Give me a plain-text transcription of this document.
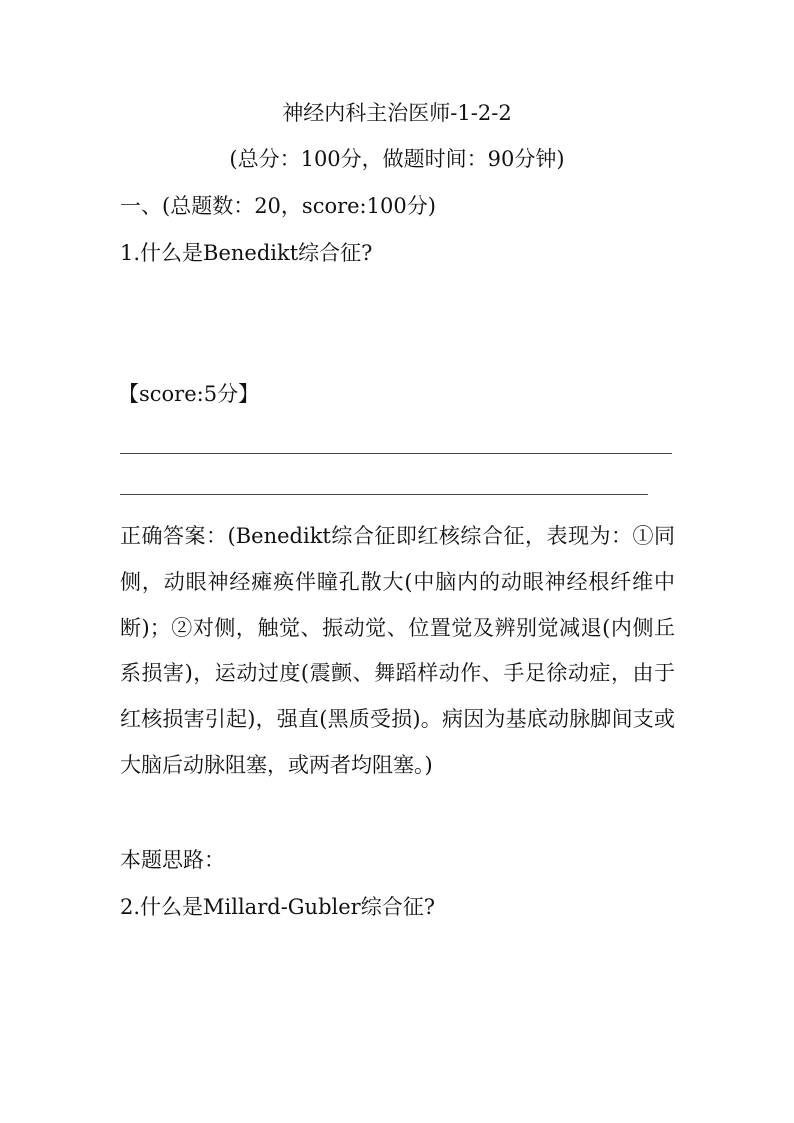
神经内科主治医师-1-2-2
(总分：100分，做题时间：90分钟)
一、(总题数：20，score:100分)
1.什么是Benedikt综合征?
【score:5分】
正确答案：(Benedikt综合征即红核综合征，表现为：①同侧，动眼神经瘫痪伴瞳孔散大(中脑内的动眼神经根纤维中断)；②对侧，触觉、振动觉、位置觉及辨别觉减退(内侧丘系损害)，运动过度(震颤、舞蹈样动作、手足徐动症，由于红核损害引起)，强直(黑质受损)。病因为基底动脉脚间支或大脑后动脉阻塞，或两者均阻塞。)
本题思路：
2.什么是Millard-Gubler综合征?
